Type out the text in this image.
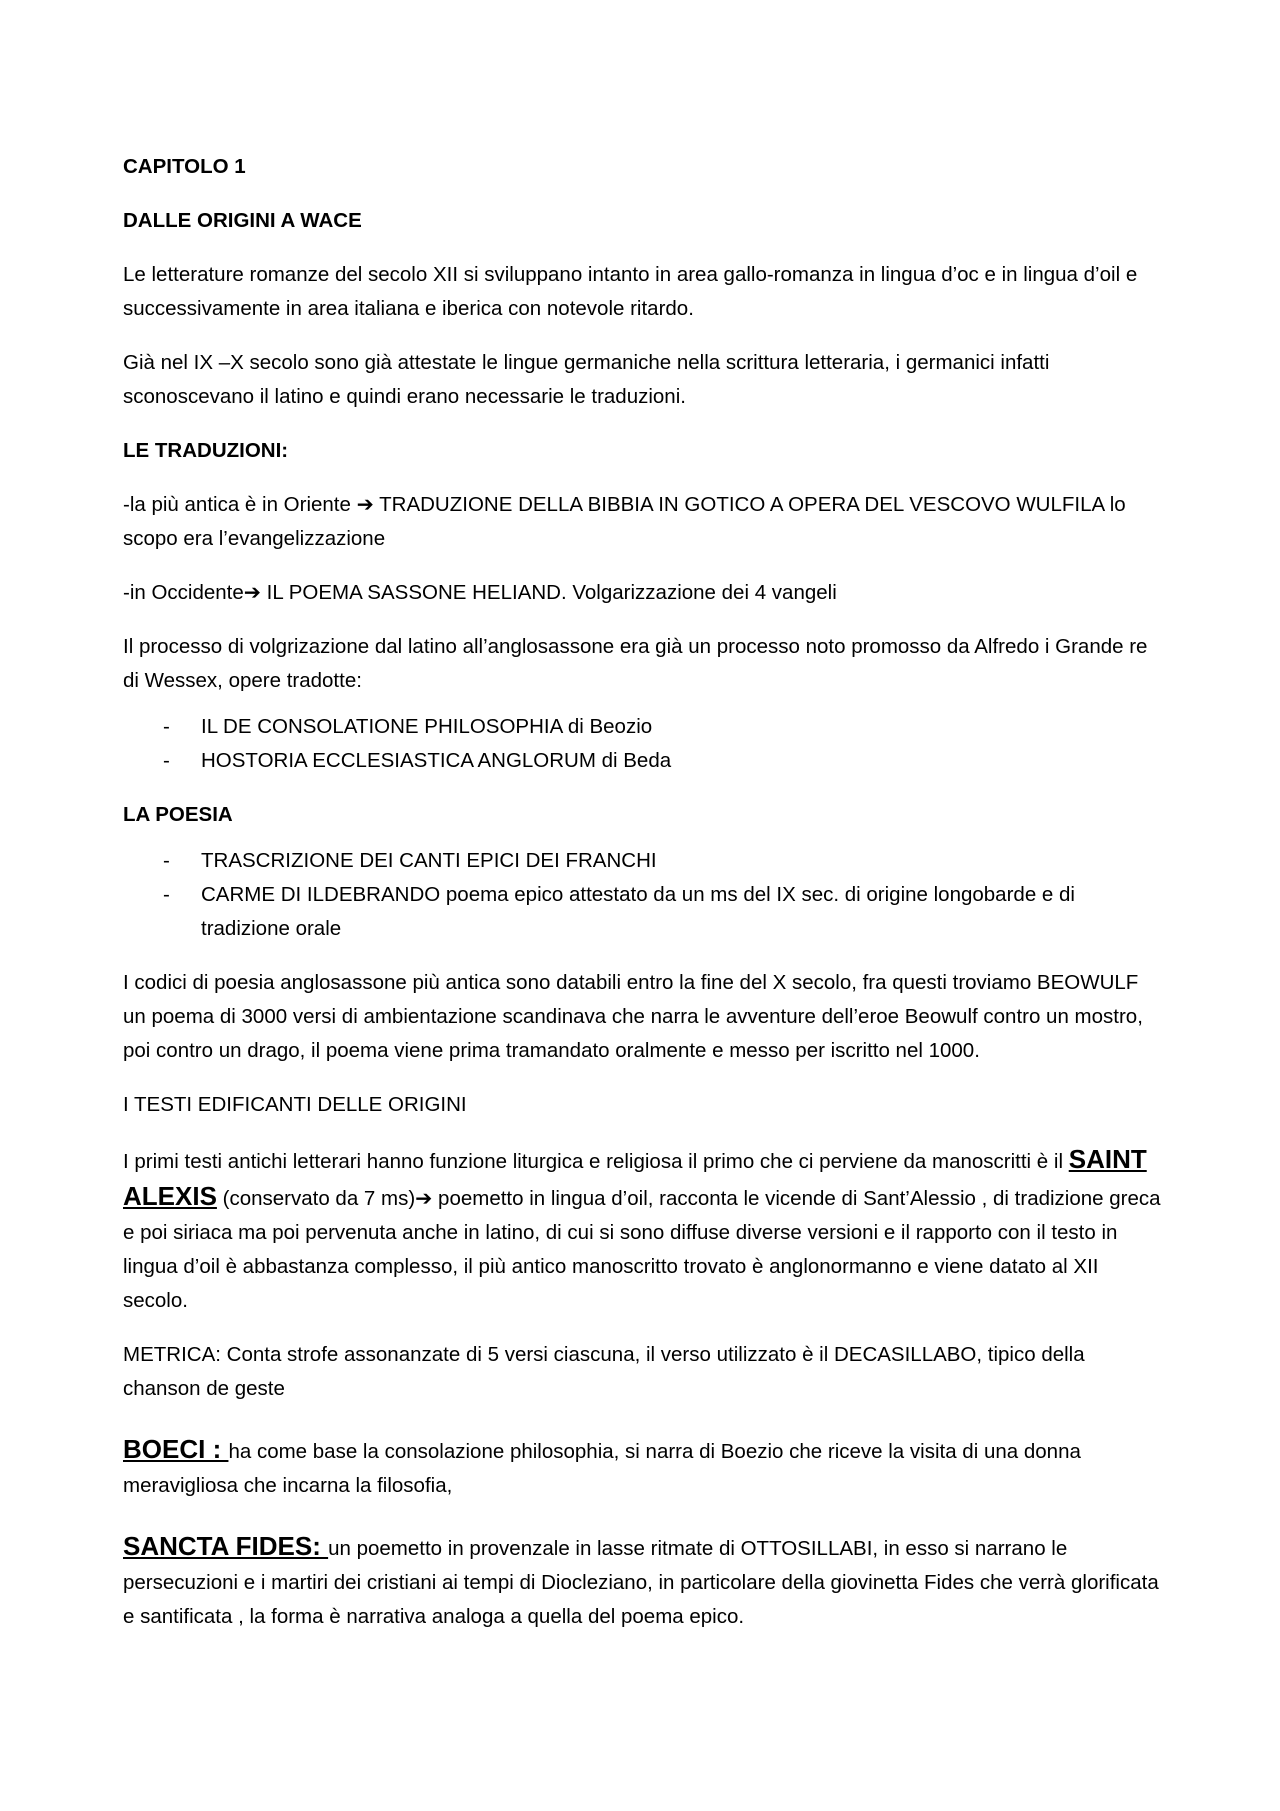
CAPITOLO 1
DALLE ORIGINI A WACE

Le letterature romanze del secolo XII si sviluppano intanto in area gallo-romanza in lingua d’oc e in lingua d’oil e successivamente in area italiana e iberica con notevole ritardo.

Già nel IX –X secolo sono già attestate le lingue germaniche nella scrittura letteraria, i germanici infatti sconoscevano il latino e quindi erano necessarie le traduzioni.

LE TRADUZIONI:

-la più antica è in Oriente ➔ TRADUZIONE DELLA BIBBIA IN GOTICO A OPERA DEL VESCOVO WULFILA lo scopo era l’evangelizzazione

-in Occidente➔ IL POEMA SASSONE HELIAND. Volgarizzazione dei 4 vangeli

Il processo di volgrizazione dal latino all’anglosassone era già un processo noto promosso da Alfredo i Grande re di Wessex, opere tradotte:

- IL DE CONSOLATIONE PHILOSOPHIA di Beozio
- HOSTORIA ECCLESIASTICA ANGLORUM di Beda
LA POESIA
- TRASCRIZIONE DEI CANTI EPICI DEI FRANCHI
- CARME DI ILDEBRANDO poema epico attestato da un ms del IX sec. di origine longobarde e di tradizione orale

I codici di poesia anglosassone più antica sono databili entro la fine del X secolo, fra questi troviamo BEOWULF un poema di 3000 versi di ambientazione scandinava che narra le avventure dell’eroe Beowulf contro un mostro, poi contro un drago, il poema viene prima tramandato oralmente e messo per iscritto nel 1000.

I TESTI EDIFICANTI DELLE ORIGINI

I primi testi antichi letterari hanno funzione liturgica e religiosa il primo che ci perviene da manoscritti è il SAINT ALEXIS (conservato da 7 ms)➔ poemetto in lingua d’oil, racconta le vicende di Sant’Alessio , di tradizione greca e poi siriaca ma poi pervenuta anche in latino, di cui si sono diffuse diverse versioni e il rapporto con il testo in lingua d’oil è abbastanza complesso, il più antico manoscritto trovato è anglonormanno e viene datato al XII secolo.

METRICA: Conta strofe assonanzate di 5 versi ciascuna, il verso utilizzato è il DECASILLABO, tipico della chanson de geste

BOECI : ha come base la consolazione philosophia, si narra di Boezio che riceve la visita di una donna meravigliosa che incarna la filosofia,

SANCTA FIDES: un poemetto in provenzale in lasse ritmate di OTTOSILLABI, in esso si narrano le persecuzioni e i martiri dei cristiani ai tempi di Diocleziano, in particolare della giovinetta Fides che verrà glorificata e santificata , la forma è narrativa analoga a quella del poema epico.
